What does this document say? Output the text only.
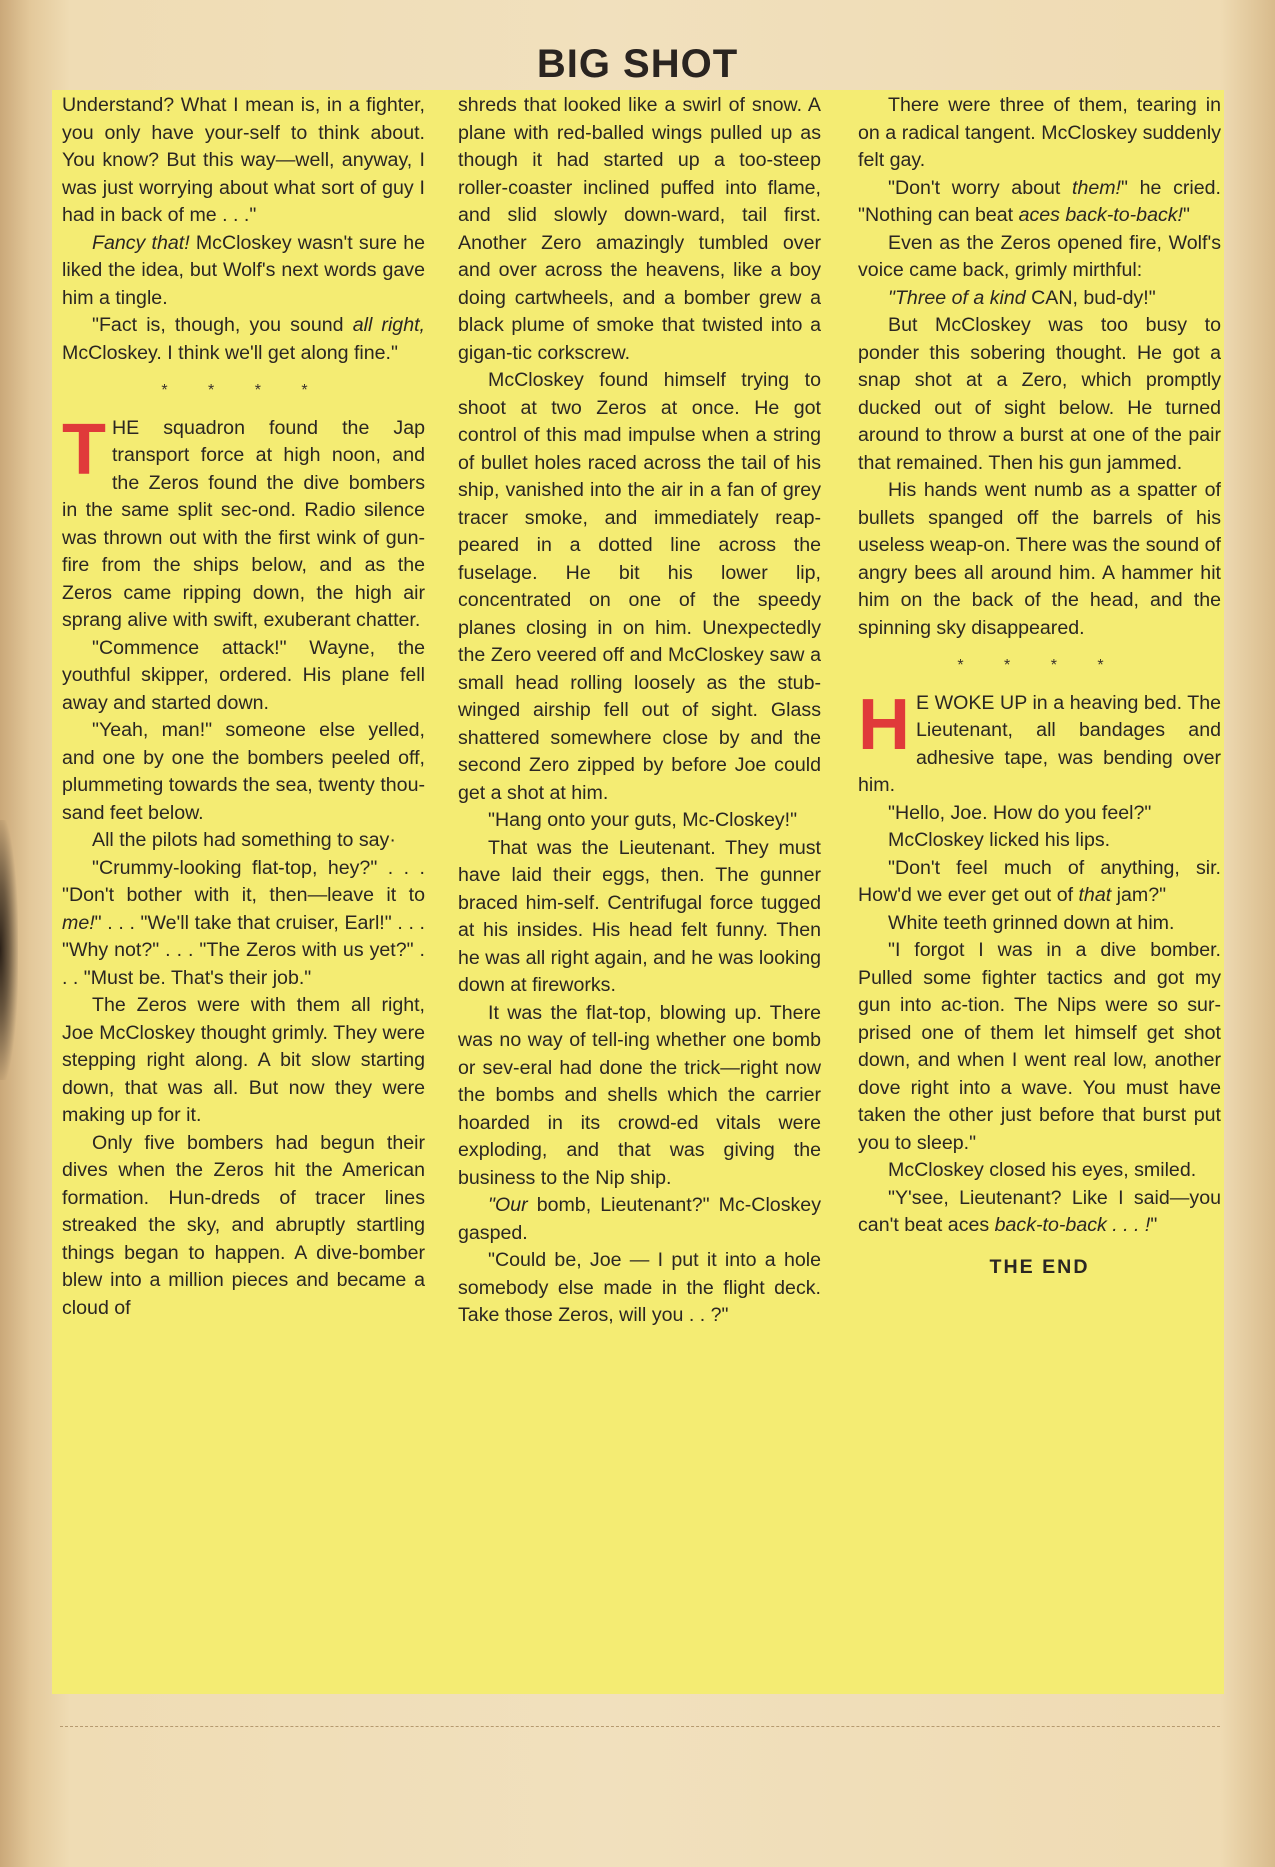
BIG SHOT

Understand? What I mean is, in a fighter, you only have your-self to think about. You know? But this way—well, anyway, I was just worrying about what sort of guy I had in back of me . . ."

Fancy that! McCloskey wasn't sure he liked the idea, but Wolf's next words gave him a tingle.

"Fact is, though, you sound all right, McCloskey. I think we'll get along fine."

* * * *

THE squadron found the Jap transport force at high noon, and the Zeros found the dive bombers in the same split sec-ond. Radio silence was thrown out with the first wink of gun-fire from the ships below, and as the Zeros came ripping down, the high air sprang alive with swift, exuberant chatter.

"Commence attack!" Wayne, the youthful skipper, ordered. His plane fell away and started down.

"Yeah, man!" someone else yelled, and one by one the bombers peeled off, plummeting towards the sea, twenty thou-sand feet below.

All the pilots had something to say·

"Crummy-looking flat-top, hey?" . . . "Don't bother with it, then—leave it to me!" . . . "We'll take that cruiser, Earl!" . . . "Why not?" . . . "The Zeros with us yet?" . . . "Must be. That's their job."

The Zeros were with them all right, Joe McCloskey thought grimly. They were stepping right along. A bit slow starting down, that was all. But now they were making up for it.

Only five bombers had begun their dives when the Zeros hit the American formation. Hun-dreds of tracer lines streaked the sky, and abruptly startling things began to happen. A dive-bomber blew into a million pieces and became a cloud of

shreds that looked like a swirl of snow. A plane with red-balled wings pulled up as though it had started up a too-steep roller-coaster inclined puffed into flame, and slid slowly down-ward, tail first. Another Zero amazingly tumbled over and over across the heavens, like a boy doing cartwheels, and a bomber grew a black plume of smoke that twisted into a gigan-tic corkscrew.

McCloskey found himself trying to shoot at two Zeros at once. He got control of this mad impulse when a string of bullet holes raced across the tail of his ship, vanished into the air in a fan of grey tracer smoke, and immediately reap-peared in a dotted line across the fuselage. He bit his lower lip, concentrated on one of the speedy planes closing in on him. Unexpectedly the Zero veered off and McCloskey saw a small head rolling loosely as the stub-winged airship fell out of sight. Glass shattered somewhere close by and the second Zero zipped by before Joe could get a shot at him.

"Hang onto your guts, Mc-Closkey!"

That was the Lieutenant. They must have laid their eggs, then. The gunner braced him-self. Centrifugal force tugged at his insides. His head felt funny. Then he was all right again, and he was looking down at fireworks.

It was the flat-top, blowing up. There was no way of tell-ing whether one bomb or sev-eral had done the trick—right now the bombs and shells which the carrier hoarded in its crowd-ed vitals were exploding, and that was giving the business to the Nip ship.

"Our bomb, Lieutenant?" Mc-Closkey gasped.

"Could be, Joe — I put it into a hole somebody else made in the flight deck. Take those Zeros, will you . . ?"

There were three of them, tearing in on a radical tangent. McCloskey suddenly felt gay.

"Don't worry about them!" he cried. "Nothing can beat aces back-to-back!"

Even as the Zeros opened fire, Wolf's voice came back, grimly mirthful:

"Three of a kind CAN, bud-dy!"

But McCloskey was too busy to ponder this sobering thought. He got a snap shot at a Zero, which promptly ducked out of sight below. He turned around to throw a burst at one of the pair that remained. Then his gun jammed.

His hands went numb as a spatter of bullets spanged off the barrels of his useless weap-on. There was the sound of angry bees all around him. A hammer hit him on the back of the head, and the spinning sky disappeared.

* * * *

H E WOKE UP in a heaving bed. The Lieutenant, all bandages and adhesive tape, was bending over him.

"Hello, Joe. How do you feel?"

McCloskey licked his lips.

"Don't feel much of anything, sir. How'd we ever get out of that jam?"

White teeth grinned down at him.

"I forgot I was in a dive bomber. Pulled some fighter tactics and got my gun into ac-tion. The Nips were so sur-prised one of them let himself get shot down, and when I went real low, another dove right into a wave. You must have taken the other just before that burst put you to sleep."

McCloskey closed his eyes, smiled.

"Y'see, Lieutenant? Like I said—you can't beat aces back-to-back . . . !"

THE END
